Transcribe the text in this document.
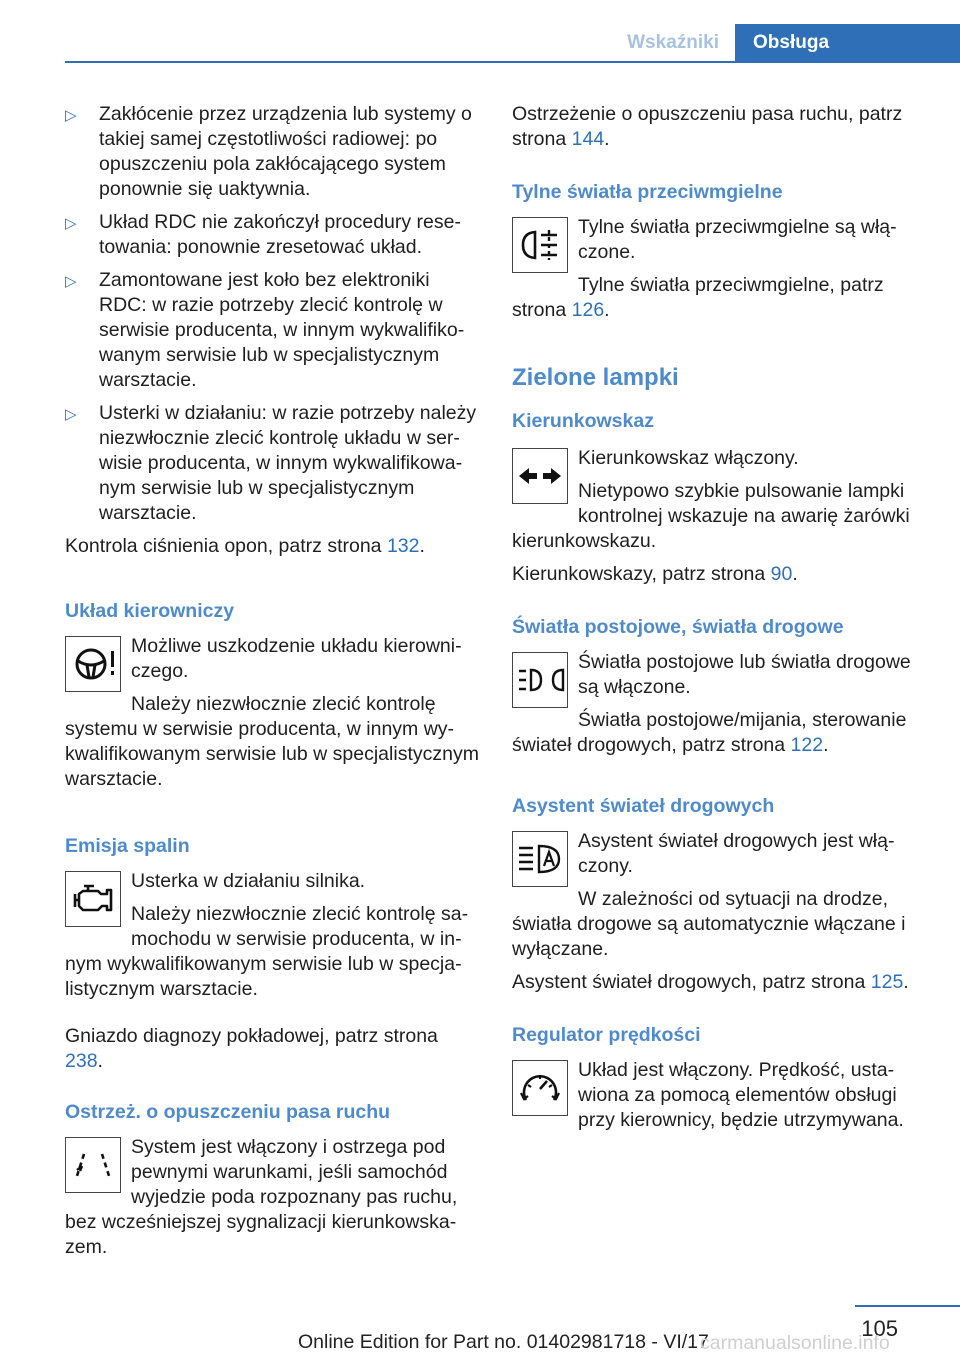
Wskaźniki	Obsługa
▷ Zakłócenie przez urządzenia lub systemy o takiej samej częstotliwości radiowej: po opuszczeniu pola zakłócającego system ponownie się uaktywnia.
▷ Układ RDC nie zakończył procedury resetowania: ponownie zresetować układ.
▷ Zamontowane jest koło bez elektroniki RDC: w razie potrzeby zlecić kontrolę w serwisie producenta, w innym wykwalifikowanym serwisie lub w specjalistycznym warsztacie.
▷ Usterki w działaniu: w razie potrzeby należy niezwłocznie zlecić kontrolę układu w serwisie producenta, w innym wykwalifikowanym serwisie lub w specjalistycznym warsztacie.

Kontrola ciśnienia opon, patrz strona 132.

Układ kierowniczy

Możliwe uszkodzenie układu kierowniczego.

Należy niezwłocznie zlecić kontrolę systemu w serwisie producenta, w innym wykwalifikowanym serwisie lub w specjalistycznym warsztacie.

Emisja spalin

Usterka w działaniu silnika.

Należy niezwłocznie zlecić kontrolę samochodu w serwisie producenta, w innym wykwalifikowanym serwisie lub w specjalistycznym warsztacie.

Gniazdo diagnozy pokładowej, patrz strona 238.

Ostrzeż. o opuszczeniu pasa ruchu

System jest włączony i ostrzega pod pewnymi warunkami, jeśli samochód wyjedzie poda rozpoznany pas ruchu, bez wcześniejszej sygnalizacji kierunkowskazem.

Ostrzeżenie o opuszczeniu pasa ruchu, patrz strona 144.

Tylne światła przeciwmgielne

Tylne światła przeciwmgielne są włączone.

Tylne światła przeciwmgielne, patrz strona 126.

Zielone lampki
Kierunkowskaz

Kierunkowskaz włączony.

Nietypowo szybkie pulsowanie lampki kontrolnej wskazuje na awarię żarówki kierunkowskazu.

Kierunkowskazy, patrz strona 90.

Światła postojowe, światła drogowe

Światła postojowe lub światła drogowe są włączone.

Światła postojowe/mijania, sterowanie świateł drogowych, patrz strona 122.

Asystent świateł drogowych

Asystent świateł drogowych jest włączony.

W zależności od sytuacji na drodze, światła drogowe są automatycznie włączane i wyłączane.

Asystent świateł drogowych, patrz strona 125.

Regulator prędkości

Układ jest włączony. Prędkość, ustawiona za pomocą elementów obsługi przy kierownicy, będzie utrzymywana.

105
Online Edition for Part no. 01402981718 - VI/17
carmanualsonline.info
